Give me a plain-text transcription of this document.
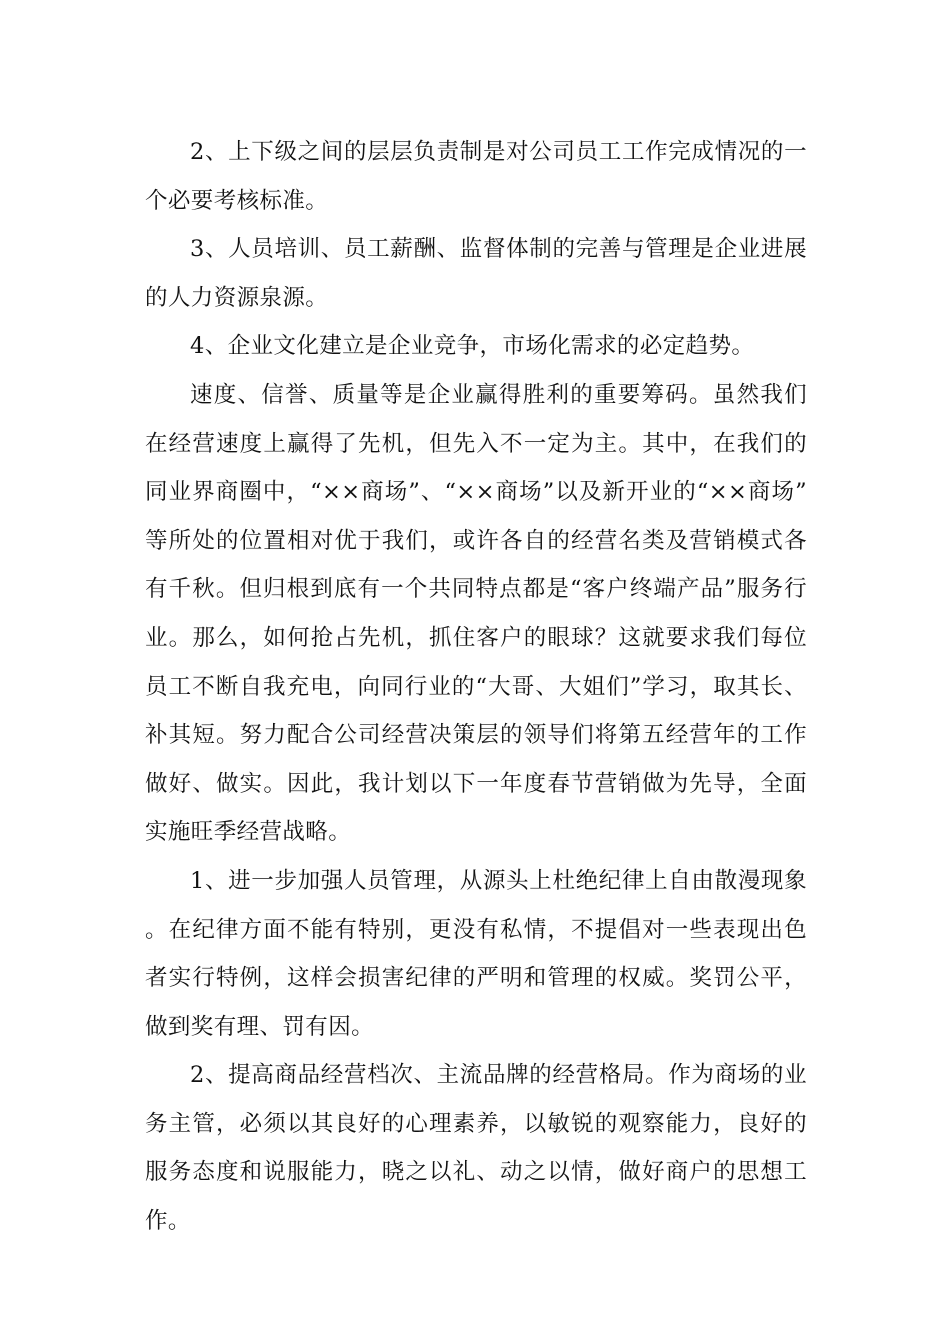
2、上下级之间的层层负责制是对公司员工工作完成情况的一个必要考核标准。

3、人员培训、员工薪酬、监督体制的完善与管理是企业进展的人力资源泉源。

4、企业文化建立是企业竞争，市场化需求的必定趋势。

速度、信誉、质量等是企业赢得胜利的重要筹码。虽然我们在经营速度上赢得了先机，但先入不一定为主。其中，在我们的同业界商圈中，“××商场”、“××商场”以及新开业的“××商场”等所处的位置相对优于我们，或许各自的经营名类及营销模式各有千秋。但归根到底有一个共同特点都是“客户终端产品”服务行业。那么，如何抢占先机，抓住客户的眼球？这就要求我们每位员工不断自我充电，向同行业的“大哥、大姐们”学习，取其长、补其短。努力配合公司经营决策层的领导们将第五经营年的工作做好、做实。因此，我计划以下一年度春节营销做为先导，全面实施旺季经营战略。

1、进一步加强人员管理，从源头上杜绝纪律上自由散漫现象。在纪律方面不能有特别，更没有私情，不提倡对一些表现出色者实行特例，这样会损害纪律的严明和管理的权威。奖罚公平，做到奖有理、罚有因。

2、提高商品经营档次、主流品牌的经营格局。作为商场的业务主管，必须以其良好的心理素养，以敏锐的观察能力，良好的服务态度和说服能力，晓之以礼、动之以情，做好商户的思想工作。
